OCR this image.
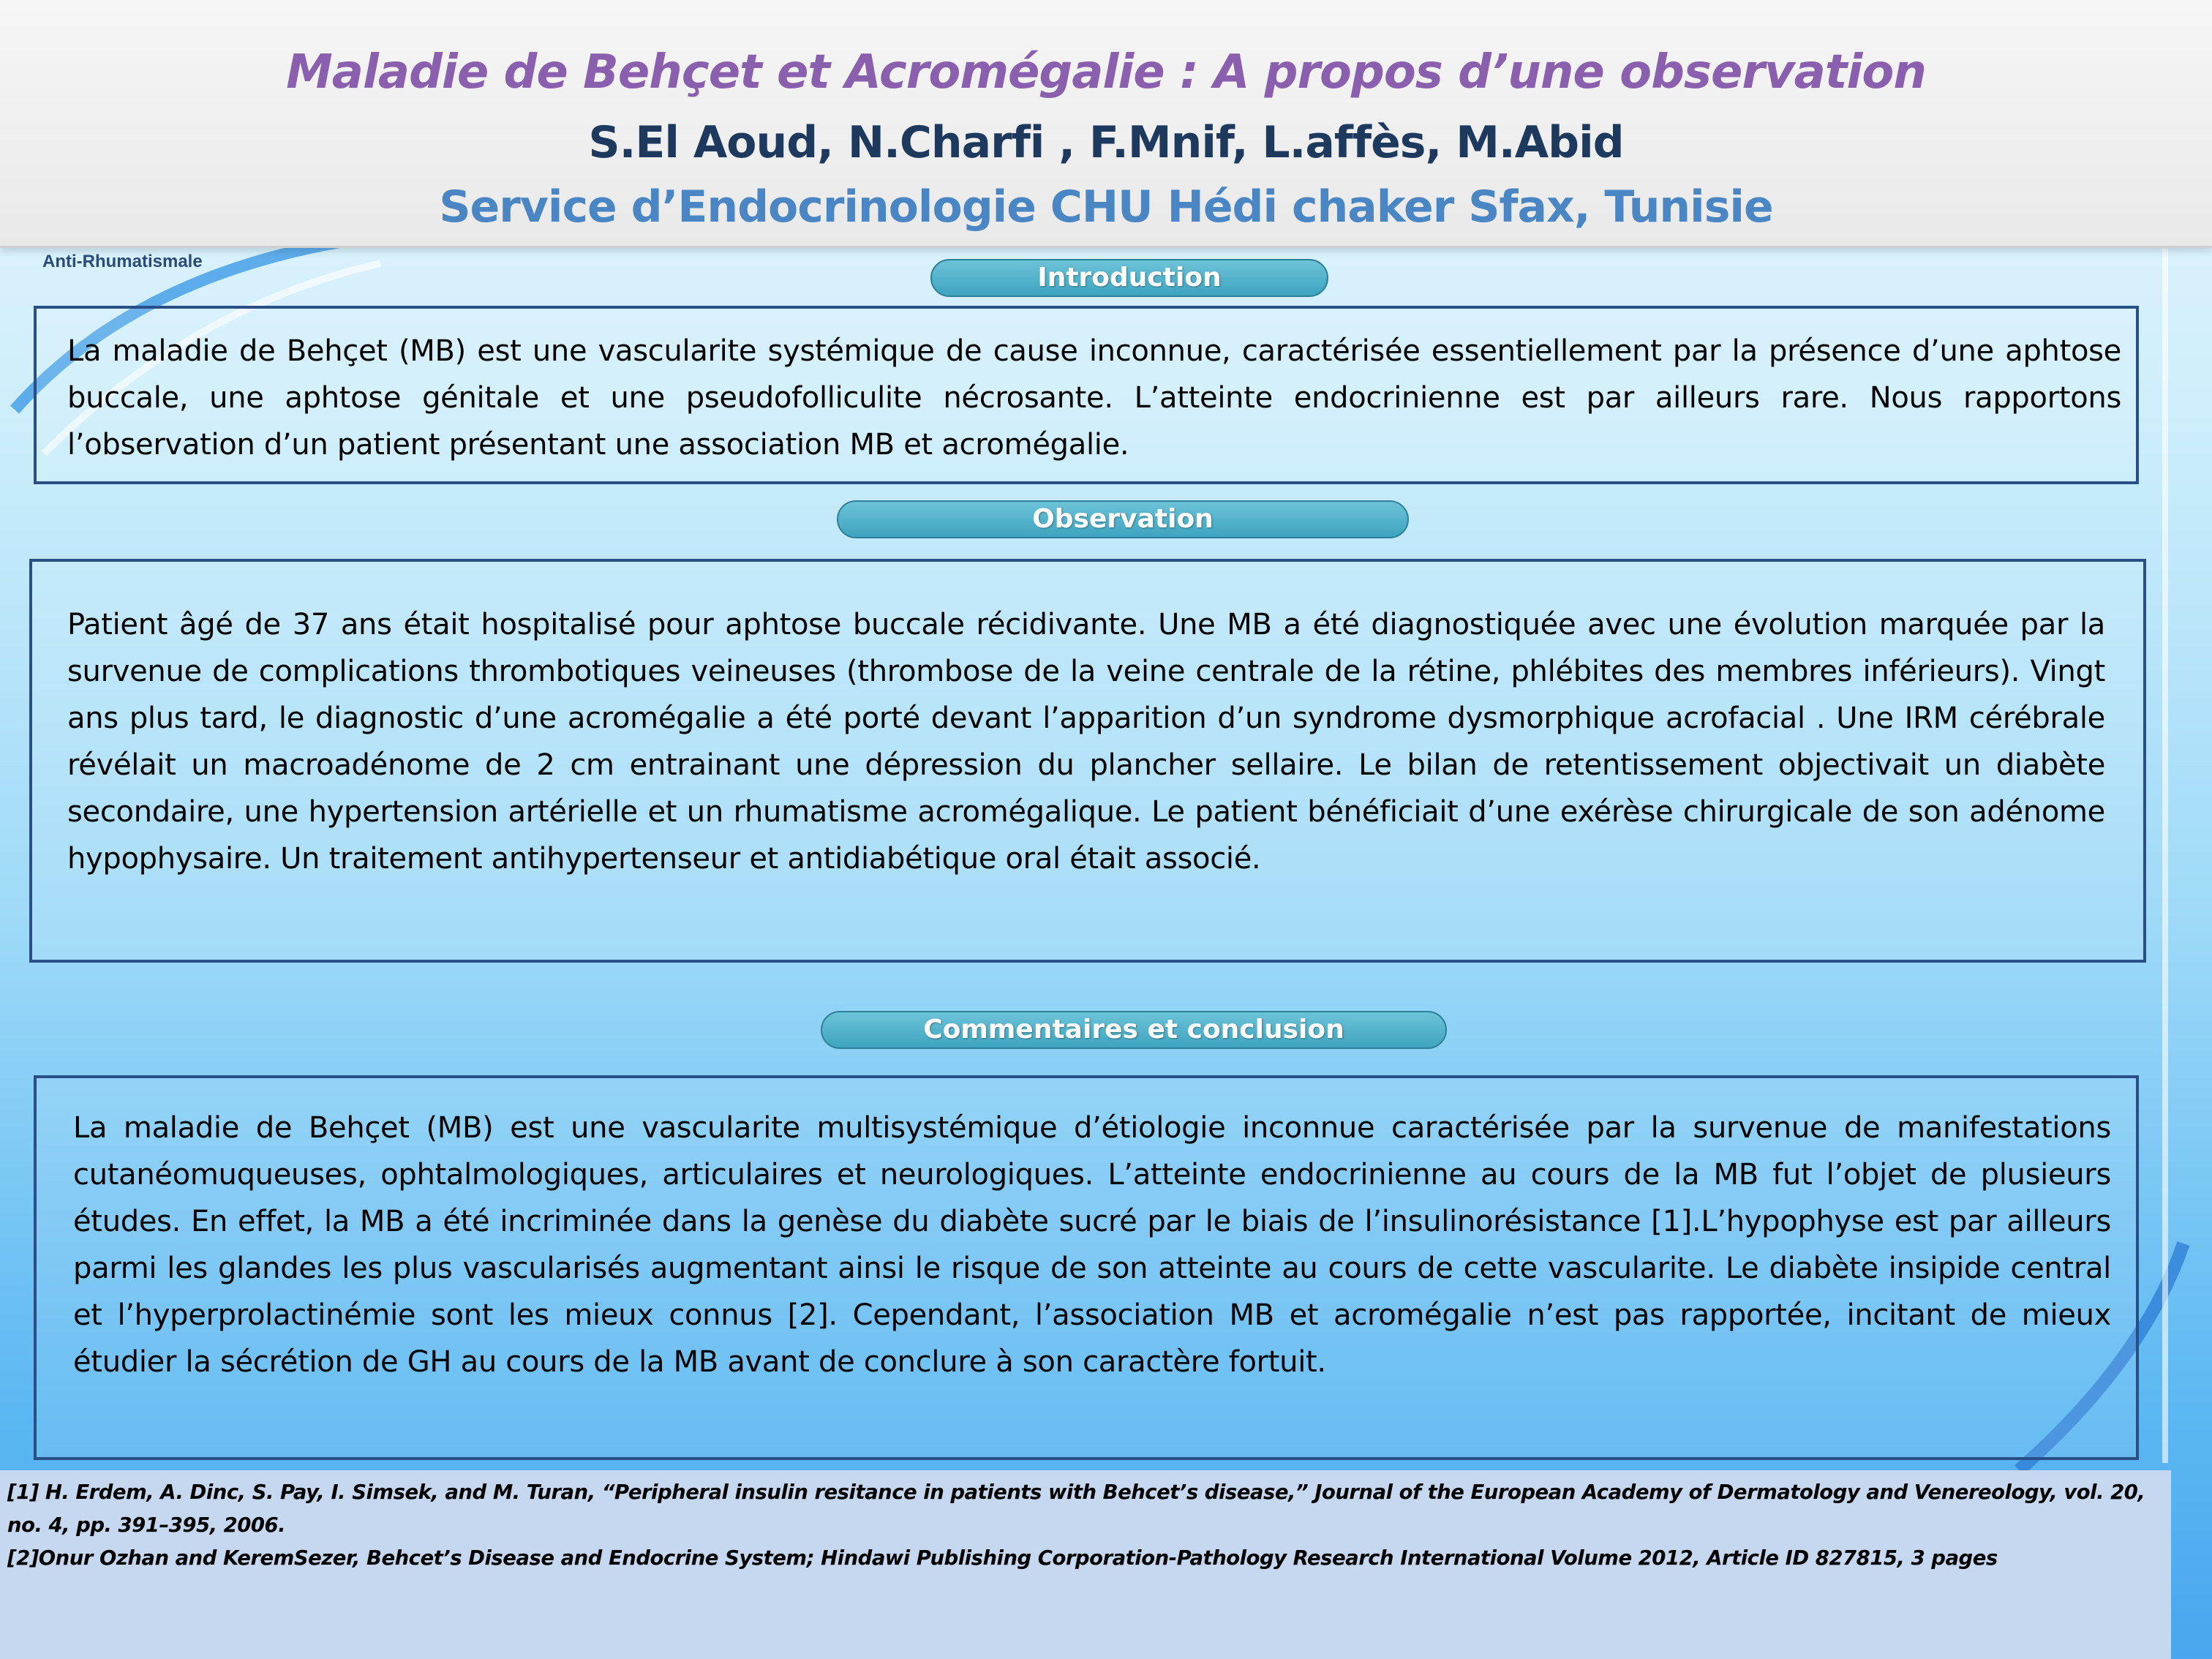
Maladie de Behçet et Acromégalie : A propos d’une observation
S.El Aoud, N.Charfi , F.Mnif, L.affès, M.Abid
Service d’Endocrinologie CHU Hédi chaker Sfax, Tunisie
Anti-Rhumatismale
Introduction

La maladie de Behçet (MB) est une vascularite systémique de cause inconnue, caractérisée essentiellement par la présence d’une aphtose buccale, une aphtose génitale et une pseudofolliculite nécrosante. L’atteinte endocrinienne est par ailleurs rare. Nous rapportons l’observation d’un patient présentant une association MB et acromégalie.

Observation

Patient âgé de 37 ans était hospitalisé pour aphtose buccale récidivante. Une MB a été diagnostiquée avec une évolution marquée par la survenue de complications thrombotiques veineuses (thrombose de la veine centrale de la rétine, phlébites des membres inférieurs). Vingt ans plus tard, le diagnostic d’une acromégalie a été porté devant l’apparition d’un syndrome dysmorphique acrofacial . Une IRM cérébrale révélait un macroadénome de 2 cm entrainant une dépression du plancher sellaire. Le bilan de retentissement objectivait un diabète secondaire, une hypertension artérielle et un rhumatisme acromégalique. Le patient bénéficiait d’une exérèse chirurgicale de son adénome hypophysaire. Un traitement antihypertenseur et antidiabétique oral était associé.

Commentaires et conclusion

La maladie de Behçet (MB) est une vascularite multisystémique d’étiologie inconnue caractérisée par la survenue de manifestations cutanéomuqueuses, ophtalmologiques, articulaires et neurologiques. L’atteinte endocrinienne au cours de la MB fut l’objet de plusieurs études. En effet, la MB a été incriminée dans la genèse du diabète sucré par le biais de l’insulinorésistance [1].L’hypophyse est par ailleurs parmi les glandes les plus vascularisés augmentant ainsi le risque de son atteinte au cours de cette vascularite. Le diabète insipide central et l’hyperprolactinémie sont les mieux connus [2]. Cependant, l’association MB et acromégalie n’est pas rapportée, incitant de mieux étudier la sécrétion de GH au cours de la MB avant de conclure à son caractère fortuit.

[1] H. Erdem, A. Dinc, S. Pay, I. Simsek, and M. Turan, “Peripheral insulin resitance in patients with Behcet’s disease,” Journal of the European Academy of Dermatology and Venereology, vol. 20, no. 4, pp. 391–395, 2006.

[2]Onur Ozhan and KeremSezer, Behcet’s Disease and Endocrine System; Hindawi Publishing Corporation-Pathology Research International Volume 2012, Article ID 827815, 3 pages
